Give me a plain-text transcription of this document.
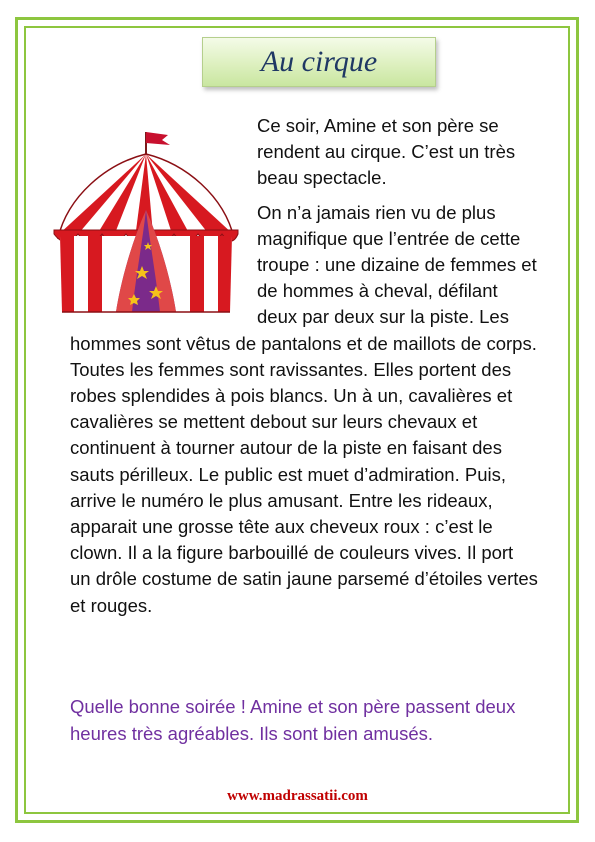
Au cirque

Ce soir, Amine et son père se rendent au cirque. C’est un très beau spectacle.

On n’a jamais rien vu de plus magnifique que l’entrée de cette troupe : une dizaine de femmes et de hommes à cheval, défilant deux par deux sur la piste. Les hommes sont vêtus de pantalons et de maillots de corps. Toutes les femmes sont ravissantes. Elles portent des robes splendides à pois blancs. Un à un, cavalières et cavalières se mettent debout sur leurs chevaux et continuent à tourner autour de la piste en faisant des sauts périlleux. Le public est muet d’admiration. Puis, arrive le numéro le plus amusant. Entre les rideaux, apparait une grosse tête aux cheveux roux : c’est le clown. Il a la figure barbouillé de couleurs vives. Il port un drôle costume de satin jaune parsemé d’étoiles vertes et rouges.

Quelle bonne soirée ! Amine et son père passent deux heures très agréables. Ils sont bien amusés.

www.madrassatii.com
